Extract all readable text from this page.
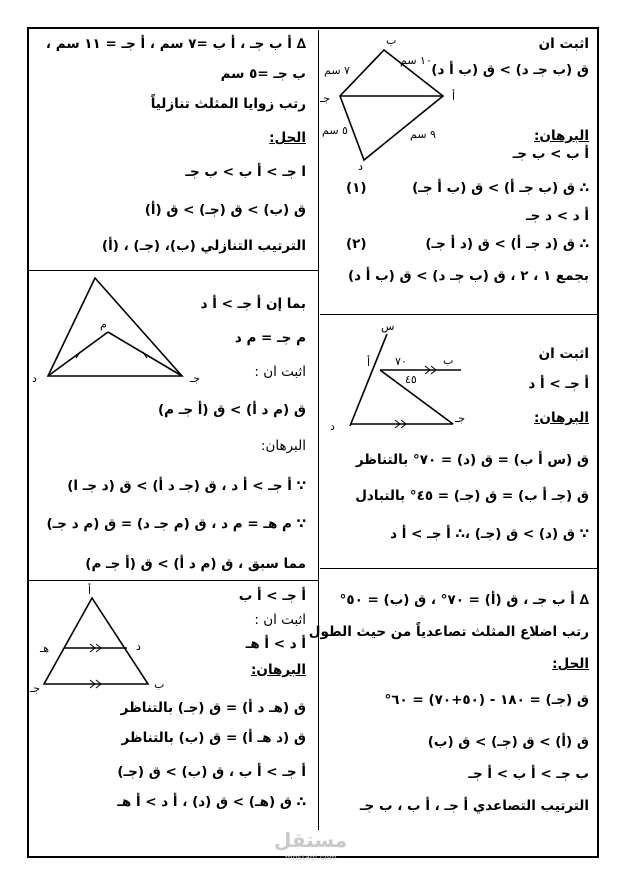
اثبت ان
ق (ب جـ د) > ق (ب أ د)
البرهان:
أ ب > ب جـ
∴ ق (ب جـ أ) > ق (ب أ جـ)
(١)
أ د > د جـ
∴ ق (د جـ أ) > ق (د أ جـ)
(٢)
بجمع ١ ، ٢ ، ق (ب جـ د) > ق (ب أ د)
ب
أ
جـ
د
١٠ سم
٧ سم
٥ سم	٩ سم
اثبت ان
أ جـ > أ د
البرهان:
ق (س أ ب) = ق (د) = ٧٠° بالتناظر
ق (جـ أ ب) = ق (جـ) = ٤٥° بالتبادل
∵ ق (د) > ق (جـ) ،∴ أ جـ > أ د
س
أ	ب
٧٠
٤٥
د
جـ
∆ أ ب جـ ، ق (أ) = ٧٠° ، ق (ب) = ٥٠°
رتب اضلاع المثلث تصاعدياً من حيث الطول
الحل:
ق (جـ) = ١٨٠ - (٥٠+٧٠) = ٦٠°
ق (أ) > ق (جـ) > ق (ب)
ب جـ > أ ب > أ جـ
الترتيب التصاعدي أ جـ ، أ ب ، ب جـ
∆ أ ب جـ ، أ ب =٧ سم ، أ جـ = ١١ سم ،
ب جـ =٥ سم
رتب زوايا المثلث تنازلياً
الحل:
ا جـ > أ ب > ب جـ
ق (ب) > ق (جـ) > ق (أ)
الترتيب التنازلي (ب)، (جـ) ، (أ)
بما إن أ جـ > أ د
م جـ = م د
اثبت ان :
ق (م د أ) > ق (أ جـ م)
البرهان:
∵ أ جـ > أ د ، ق (جـ د أ) > ق (د جـ ا)
∵ م هـ = م د ، ق (م جـ د) = ق (م د جـ)
مما سبق ، ق (م د أ) > ق (أ جـ م)
م
د	جـ
أ جـ > أ ب
اثبت ان :
أ د > أ هـ
البرهان:
ق (هـ د أ) = ق (جـ) بالتناظر
ق (د هـ أ) = ق (ب) بالتناظر
أ جـ > أ ب ، ق (ب) > ق (جـ)
∴ ق (هـ) > ق (د) ، أ د > أ هـ
أ
هـ	د
جـ	ب
مستقل
mostaql.com
